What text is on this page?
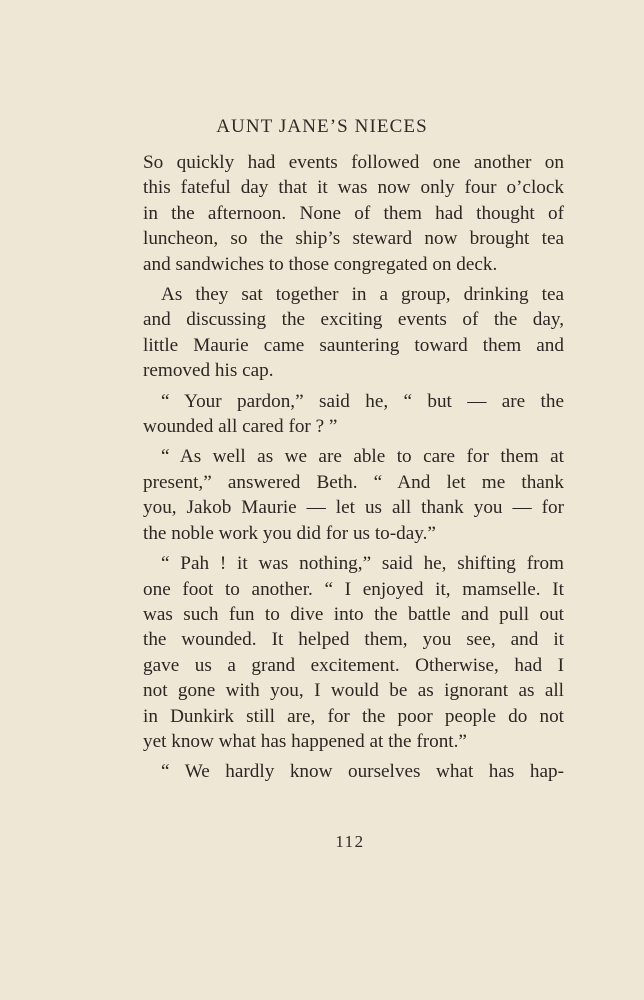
AUNT JANE’S NIECES

So quickly had events followed one another on
this fateful day that it was now only four o’clock
in the afternoon. None of them had thought of
luncheon, so the ship’s steward now brought tea
and sandwiches to those congregated on deck.

As they sat together in a group, drinking tea
and discussing the exciting events of the day,
little Maurie came sauntering toward them and
removed his cap.

“ Your pardon,” said he, “ but — are the
wounded all cared for ? ”

“ As well as we are able to care for them at
present,” answered Beth. “ And let me thank
you, Jakob Maurie — let us all thank you — for
the noble work you did for us to-day.”

“ Pah ! it was nothing,” said he, shifting from
one foot to another. “ I enjoyed it, mamselle. It
was such fun to dive into the battle and pull out
the wounded. It helped them, you see, and it
gave us a grand excitement. Otherwise, had I
not gone with you, I would be as ignorant as all
in Dunkirk still are, for the poor people do not
yet know what has happened at the front.”

“ We hardly know ourselves what has hap-

112
